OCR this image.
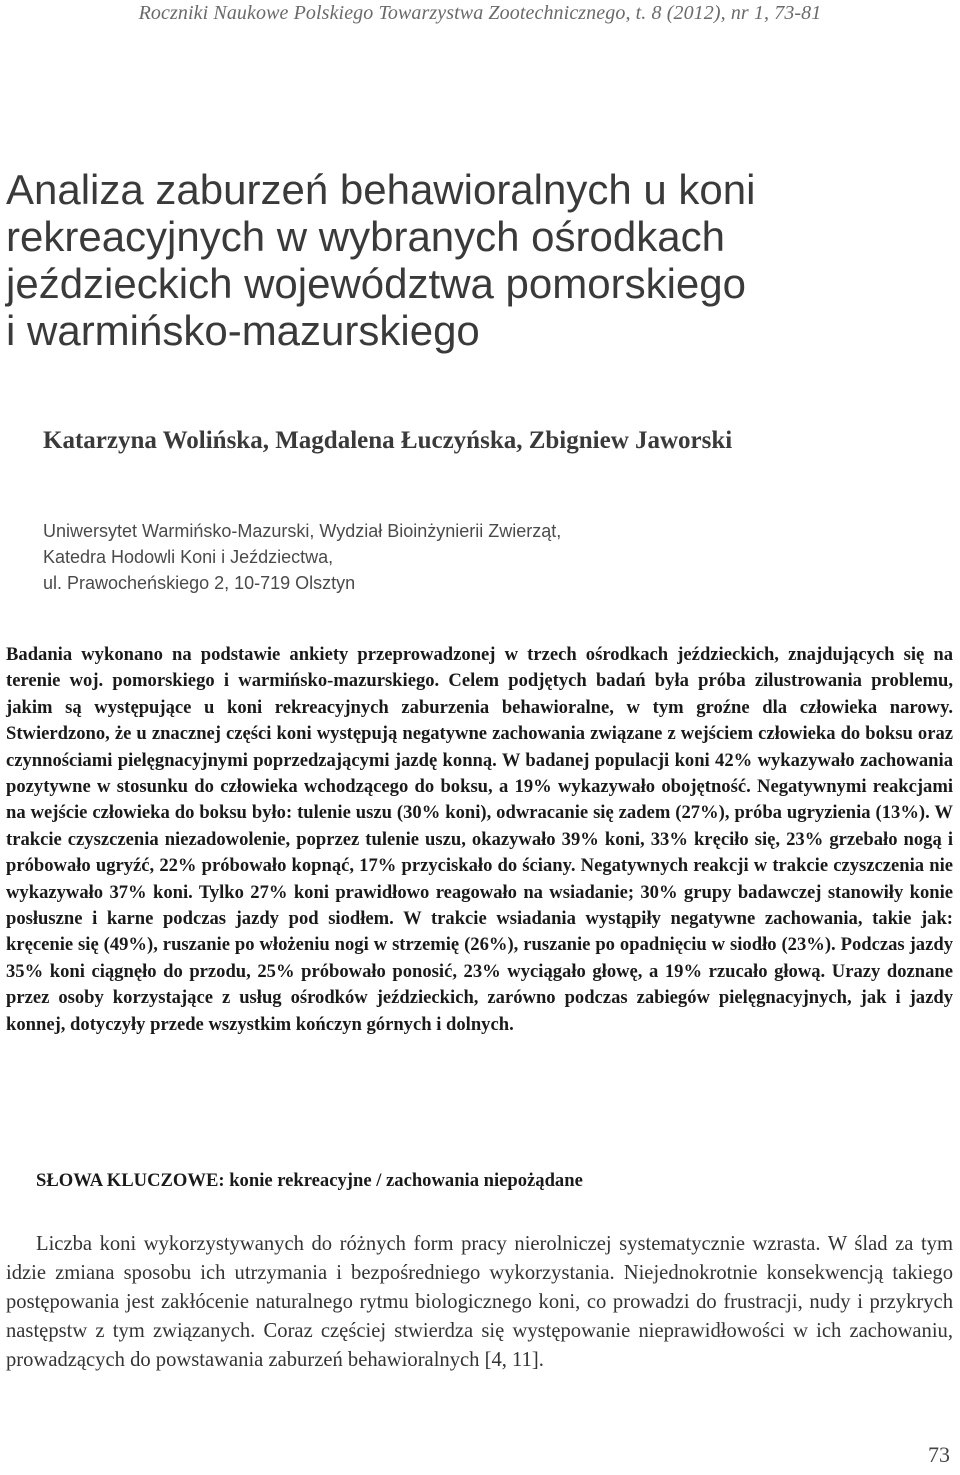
Roczniki Naukowe Polskiego Towarzystwa Zootechnicznego, t. 8 (2012), nr 1, 73-81
Analiza zaburzeń behawioralnych u koni
rekreacyjnych w wybranych ośrodkach
jeździeckich województwa pomorskiego
i warmińsko-mazurskiego
Katarzyna Wolińska, Magdalena Łuczyńska, Zbigniew Jaworski
Uniwersytet Warmińsko-Mazurski, Wydział Bioinżynierii Zwierząt,
Katedra Hodowli Koni i Jeździectwa,
ul. Prawocheńskiego 2, 10-719 Olsztyn

Badania wykonano na podstawie ankiety przeprowadzonej w trzech ośrodkach jeździeckich, znajdujących się na terenie woj. pomorskiego i warmińsko-mazurskiego. Celem podjętych badań była próba zilustrowania problemu, jakim są występujące u koni rekreacyjnych zaburzenia behawioralne, w tym groźne dla człowieka narowy. Stwierdzono, że u znacznej części koni występują negatywne zachowania związane z wejściem człowieka do boksu oraz czynnościami pielęgnacyjnymi poprzedzającymi jazdę konną. W badanej populacji koni 42% wykazywało zachowania pozytywne w stosunku do człowieka wchodzącego do boksu, a 19% wykazywało obojętność. Negatywnymi reakcjami na wejście człowieka do boksu było: tulenie uszu (30% koni), odwracanie się zadem (27%), próba ugryzienia (13%). W trakcie czyszczenia niezadowolenie, poprzez tulenie uszu, okazywało 39% koni, 33% kręciło się, 23% grzebało nogą i próbowało ugryźć, 22% próbowało kopnąć, 17% przyciskało do ściany. Negatywnych reakcji w trakcie czyszczenia nie wykazywało 37% koni. Tylko 27% koni prawidłowo reagowało na wsiadanie; 30% grupy badawczej stanowiły konie posłuszne i karne podczas jazdy pod siodłem. W trakcie wsiadania wystąpiły negatywne zachowania, takie jak: kręcenie się (49%), ruszanie po włożeniu nogi w strzemię (26%), ruszanie po opadnięciu w siodło (23%). Podczas jazdy 35% koni ciągnęło do przodu, 25% próbowało ponosić, 23% wyciągało głowę, a 19% rzucało głową. Urazy doznane przez osoby korzystające z usług ośrodków jeździeckich, zarówno podczas zabiegów pielęgnacyjnych, jak i jazdy konnej, dotyczyły przede wszystkim kończyn górnych i dolnych.

SŁOWA KLUCZOWE: konie rekreacyjne / zachowania niepożądane

Liczba koni wykorzystywanych do różnych form pracy nierolniczej systematycznie wzrasta. W ślad za tym idzie zmiana sposobu ich utrzymania i bezpośredniego wykorzystania. Niejednokrotnie konsekwencją takiego postępowania jest zakłócenie naturalnego rytmu biologicznego koni, co prowadzi do frustracji, nudy i przykrych następstw z tym związanych. Coraz częściej stwierdza się występowanie nieprawidłowości w ich zachowaniu, prowadzących do powstawania zaburzeń behawioralnych [4, 11].

73
